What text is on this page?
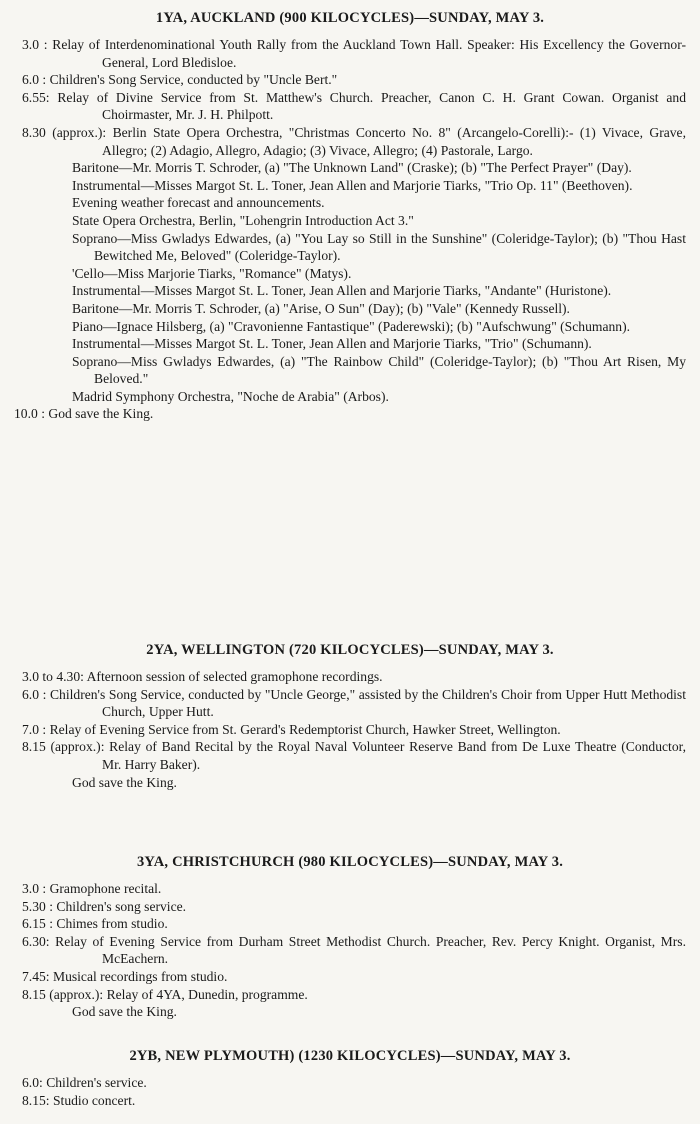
1YA, AUCKLAND (900 KILOCYCLES)—SUNDAY, MAY 3.
3.0 : Relay of Interdenominational Youth Rally from the Auckland Town Hall. Speaker: His Excellency the Governor-General, Lord Bledisloe.
6.0 : Children's Song Service, conducted by "Uncle Bert."
6.55: Relay of Divine Service from St. Matthew's Church. Preacher, Canon C. H. Grant Cowan. Organist and Choirmaster, Mr. J. H. Philpott.
8.30 (approx.): Berlin State Opera Orchestra, "Christmas Concerto No. 8" (Arcangelo-Corelli):- (1) Vivace, Grave, Allegro; (2) Adagio, Allegro, Adagio; (3) Vivace, Allegro; (4) Pastorale, Largo.
Baritone—Mr. Morris T. Schroder, (a) "The Unknown Land" (Craske); (b) "The Perfect Prayer" (Day).
Instrumental—Misses Margot St. L. Toner, Jean Allen and Marjorie Tiarks, "Trio Op. 11" (Beethoven).
Evening weather forecast and announcements.
State Opera Orchestra, Berlin, "Lohengrin Introduction Act 3."
Soprano—Miss Gwladys Edwardes, (a) "You Lay so Still in the Sunshine" (Coleridge-Taylor); (b) "Thou Hast Bewitched Me, Beloved" (Coleridge-Taylor).
'Cello—Miss Marjorie Tiarks, "Romance" (Matys).
Instrumental—Misses Margot St. L. Toner, Jean Allen and Marjorie Tiarks, "Andante" (Huristone).
Baritone—Mr. Morris T. Schroder, (a) "Arise, O Sun" (Day); (b) "Vale" (Kennedy Russell).
Piano—Ignace Hilsberg, (a) "Cravonienne Fantastique" (Paderewski); (b) "Aufschwung" (Schumann).
Instrumental—Misses Margot St. L. Toner, Jean Allen and Marjorie Tiarks, "Trio" (Schumann).
Soprano—Miss Gwladys Edwardes, (a) "The Rainbow Child" (Coleridge-Taylor); (b) "Thou Art Risen, My Beloved."
Madrid Symphony Orchestra, "Noche de Arabia" (Arbos).
10.0 : God save the King.
2YA, WELLINGTON (720 KILOCYCLES)—SUNDAY, MAY 3.
3.0 to 4.30: Afternoon session of selected gramophone recordings.
6.0 : Children's Song Service, conducted by "Uncle George," assisted by the Children's Choir from Upper Hutt Methodist Church, Upper Hutt.
7.0 : Relay of Evening Service from St. Gerard's Redemptorist Church, Hawker Street, Wellington.
8.15 (approx.): Relay of Band Recital by the Royal Naval Volunteer Reserve Band from De Luxe Theatre (Conductor, Mr. Harry Baker).
God save the King.
3YA, CHRISTCHURCH (980 KILOCYCLES)—SUNDAY, MAY 3.
3.0 : Gramophone recital.
5.30 : Children's song service.
6.15 : Chimes from studio.
6.30: Relay of Evening Service from Durham Street Methodist Church. Preacher, Rev. Percy Knight. Organist, Mrs. McEachern.
7.45: Musical recordings from studio.
8.15 (approx.): Relay of 4YA, Dunedin, programme.
God save the King.
2YB, NEW PLYMOUTH) (1230 KILOCYCLES)—SUNDAY, MAY 3.
6.0: Children's service.
8.15: Studio concert.
